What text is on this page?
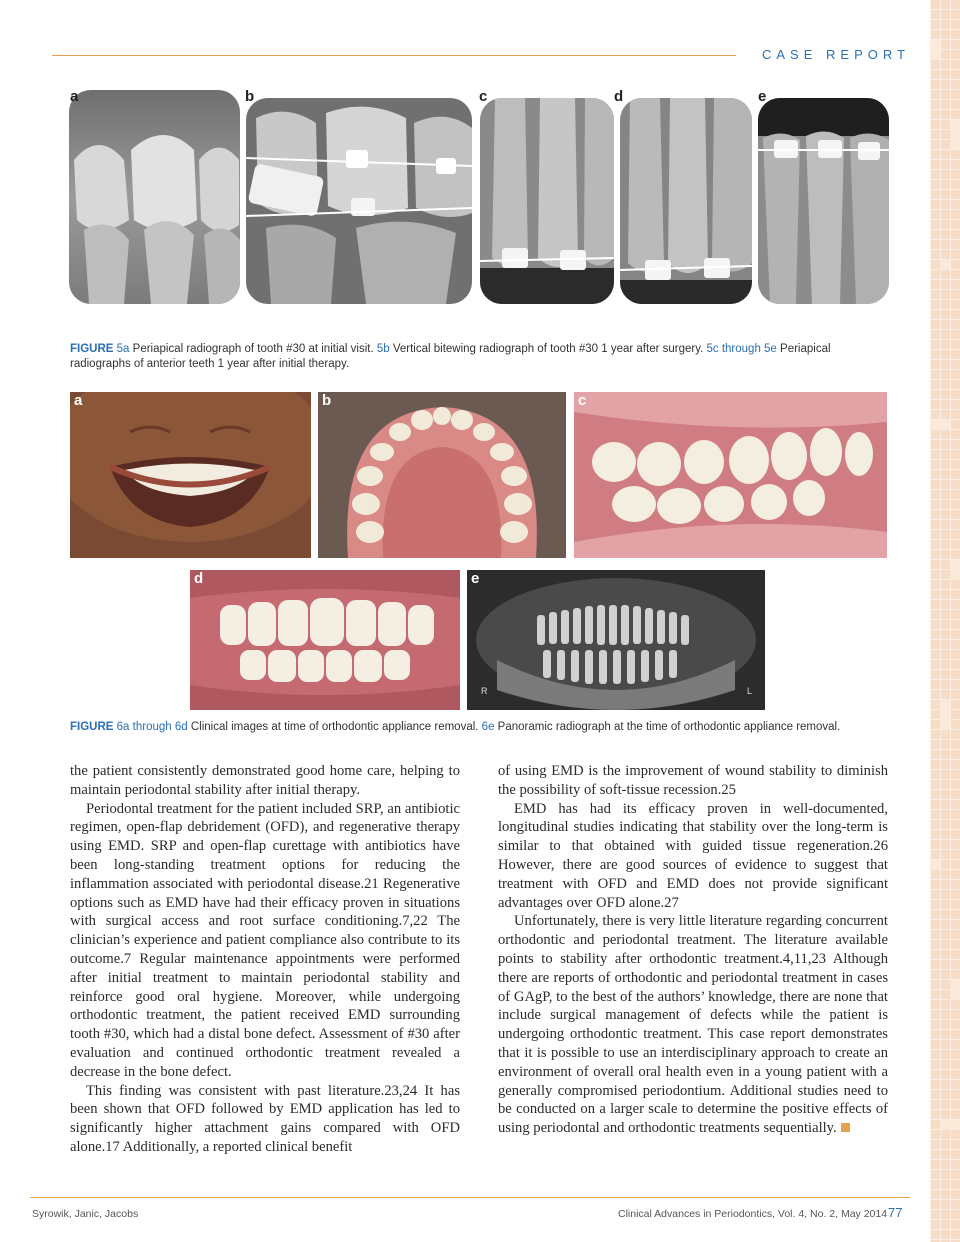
CASE REPORT
a	b	c	d	e
FIGURE 5a Periapical radiograph of tooth #30 at initial visit. 5b Vertical bitewing radiograph of tooth #30 1 year after surgery. 5c through 5e Periapical radiographs of anterior teeth 1 year after initial therapy.
R	L
a	b	c
d	e
FIGURE 6a through 6d Clinical images at time of orthodontic appliance removal. 6e Panoramic radiograph at the time of orthodontic appliance removal.

the patient consistently demonstrated good home care, helping to maintain periodontal stability after initial therapy.

Periodontal treatment for the patient included SRP, an antibiotic regimen, open-flap debridement (OFD), and regenerative therapy using EMD. SRP and open-flap curettage with antibiotics have been long-standing treatment options for reducing the inflammation associated with periodontal disease.21 Regenerative options such as EMD have had their efficacy proven in situations with surgical access and root surface conditioning.7,22 The clinician’s experience and patient compliance also contribute to its outcome.7 Regular maintenance appointments were performed after initial treatment to maintain periodontal stability and reinforce good oral hygiene. Moreover, while undergoing orthodontic treatment, the patient received EMD surrounding tooth #30, which had a distal bone defect. Assessment of #30 after evaluation and continued orthodontic treatment revealed a decrease in the bone defect.

This finding was consistent with past literature.23,24 It has been shown that OFD followed by EMD application has led to significantly higher attachment gains compared with OFD alone.17 Additionally, a reported clinical benefit

of using EMD is the improvement of wound stability to diminish the possibility of soft-tissue recession.25

EMD has had its efficacy proven in well-documented, longitudinal studies indicating that stability over the long-term is similar to that obtained with guided tissue regeneration.26 However, there are good sources of evidence to suggest that treatment with OFD and EMD does not provide significant advantages over OFD alone.27

Unfortunately, there is very little literature regarding concurrent orthodontic and periodontal treatment. The literature available points to stability after orthodontic treatment.4,11,23 Although there are reports of orthodontic and periodontal treatment in cases of GAgP, to the best of the authors’ knowledge, there are none that include surgical management of defects while the patient is undergoing orthodontic treatment. This case report demonstrates that it is possible to use an interdisciplinary approach to create an environment of overall oral health even in a young patient with a generally compromised periodontium. Additional studies need to be conducted on a larger scale to determine the positive effects of using periodontal and orthodontic treatments sequentially.

Syrowik, Janic, Jacobs	Clinical Advances in Periodontics, Vol. 4, No. 2, May 2014 77
